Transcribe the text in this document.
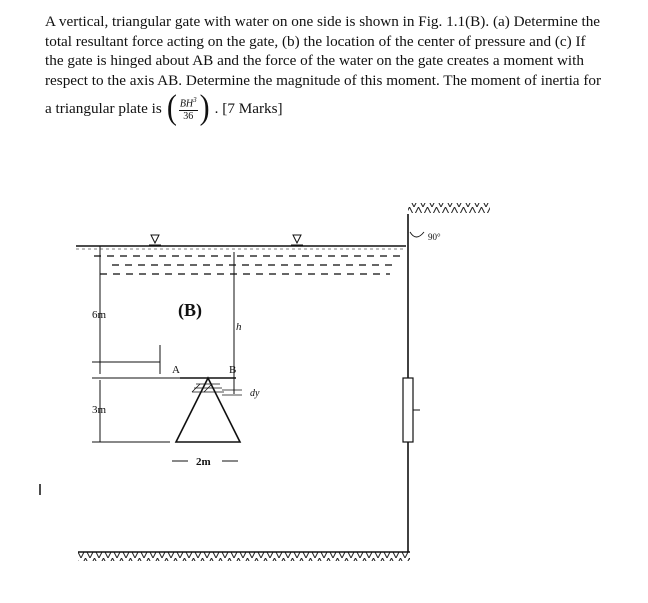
A vertical, triangular gate with water on one side is shown in Fig. 1.1(B). (a) Determine the
total resultant force acting on the gate, (b) the location of the center of pressure and (c) If
the gate is hinged about AB and the force of the water on the gate creates a moment with
respect to the axis AB. Determine the magnitude of this moment. The moment of inertia for
a triangular plate is ( $\frac{BH^3}{36}$ ) . [7 Marks]
90°
6m
3m
(B)
h
A	B
dy
2m
